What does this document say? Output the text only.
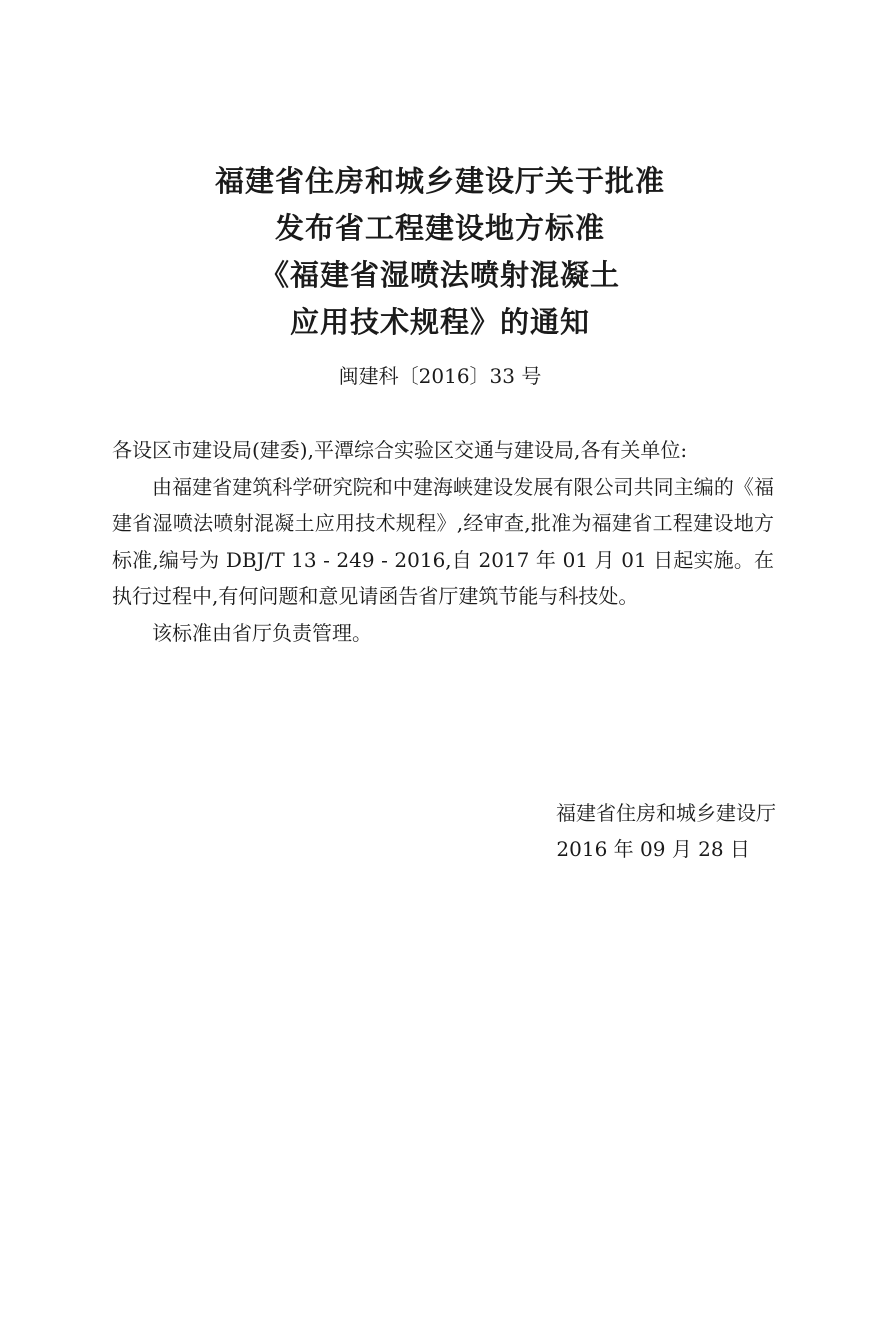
福建省住房和城乡建设厅关于批准
发布省工程建设地方标准
《福建省湿喷法喷射混凝土
应用技术规程》的通知
闽建科〔2016〕33 号

各设区市建设局(建委),平潭综合实验区交通与建设局,各有关单位:

由福建省建筑科学研究院和中建海峡建设发展有限公司共同主编的《福建省湿喷法喷射混凝土应用技术规程》,经审查,批准为福建省工程建设地方标准,编号为 DBJ/T 13 - 249 - 2016,自 2017 年 01 月 01 日起实施。在执行过程中,有何问题和意见请函告省厅建筑节能与科技处。

该标准由省厅负责管理。

福建省住房和城乡建设厅
2016 年 09 月 28 日
